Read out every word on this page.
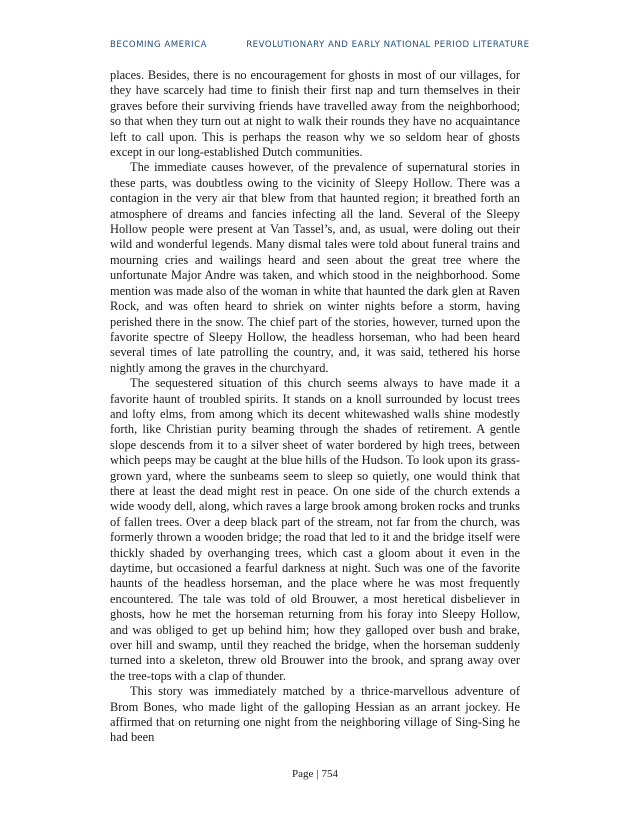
BECOMING AMERICA	REVOLUTIONARY AND EARLY NATIONAL PERIOD LITERATURE

places. Besides, there is no encouragement for ghosts in most of our villages, for they have scarcely had time to finish their first nap and turn themselves in their graves before their surviving friends have travelled away from the neighborhood; so that when they turn out at night to walk their rounds they have no acquaintance left to call upon. This is perhaps the reason why we so seldom hear of ghosts except in our long-established Dutch communities.

The immediate causes however, of the prevalence of supernatural stories in these parts, was doubtless owing to the vicinity of Sleepy Hollow. There was a contagion in the very air that blew from that haunted region; it breathed forth an atmosphere of dreams and fancies infecting all the land. Several of the Sleepy Hollow people were present at Van Tassel’s, and, as usual, were doling out their wild and wonderful legends. Many dismal tales were told about funeral trains and mourning cries and wailings heard and seen about the great tree where the unfortunate Major Andre was taken, and which stood in the neighborhood. Some mention was made also of the woman in white that haunted the dark glen at Raven Rock, and was often heard to shriek on winter nights before a storm, having perished there in the snow. The chief part of the stories, however, turned upon the favorite spectre of Sleepy Hollow, the headless horseman, who had been heard several times of late patrolling the country, and, it was said, tethered his horse nightly among the graves in the churchyard.

The sequestered situation of this church seems always to have made it a favorite haunt of troubled spirits. It stands on a knoll surrounded by locust trees and lofty elms, from among which its decent whitewashed walls shine modestly forth, like Christian purity beaming through the shades of retirement. A gentle slope descends from it to a silver sheet of water bordered by high trees, between which peeps may be caught at the blue hills of the Hudson. To look upon its grass-grown yard, where the sunbeams seem to sleep so quietly, one would think that there at least the dead might rest in peace. On one side of the church extends a wide woody dell, along, which raves a large brook among broken rocks and trunks of fallen trees. Over a deep black part of the stream, not far from the church, was formerly thrown a wooden bridge; the road that led to it and the bridge itself were thickly shaded by overhanging trees, which cast a gloom about it even in the daytime, but occasioned a fearful darkness at night. Such was one of the favorite haunts of the headless horseman, and the place where he was most frequently encountered. The tale was told of old Brouwer, a most heretical disbeliever in ghosts, how he met the horseman returning from his foray into Sleepy Hollow, and was obliged to get up behind him; how they galloped over bush and brake, over hill and swamp, until they reached the bridge, when the horseman suddenly turned into a skeleton, threw old Brouwer into the brook, and sprang away over the tree-tops with a clap of thunder.

This story was immediately matched by a thrice-marvellous adventure of Brom Bones, who made light of the galloping Hessian as an arrant jockey. He affirmed that on returning one night from the neighboring village of Sing-Sing he had been

Page | 754
